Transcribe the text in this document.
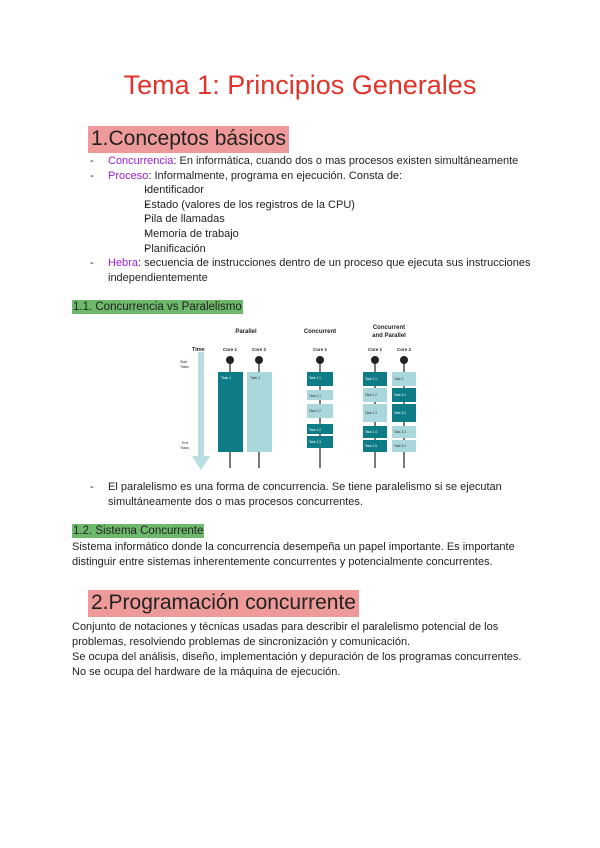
Tema 1: Principios Generales
1.Conceptos básicos
- Concurrencia: En informática, cuando dos o mas procesos existen simultáneamente
- Proceso: Informalmente, programa en ejecución. Consta de:
- Identificador
- Estado (valores de los registros de la CPU)
- Pila de llamadas
- Memoria de trabajo
- Planificación
- Hebra: secuencia de instrucciones dentro de un proceso que ejecuta sus instrucciones independientemente
1.1. Concurrencia vs Paralelismo
Time
Start
Tasks
End
Tasks
Parallel
Core 1	Core 2
Task 1	Task 2
Concurrent
Core 1
Task 1.1
Task 2.1
Task 2.2
Task 1.2
Task 1.3
Concurrent
and Parallel
Core 1	Core 2
Task 1.1
Task 1.2
Task 1.3
Task 1.4
Task 1.5
Task 2
Task 3.1
Task 3.2
Task 3.3
Task 3.4
- El paralelismo es una forma de concurrencia. Se tiene paralelismo si se ejecutan simultáneamente dos o mas procesos concurrentes.
1.2. Sistema Concurrente
Sistema informático donde la concurrencia desempeña un papel importante. Es importante distinguir entre sistemas inherentemente concurrentes y potencialmente concurrentes.
2.Programación concurrente
Conjunto de notaciones y técnicas usadas para describir el paralelismo potencial de los problemas, resolviendo problemas de sincronización y comunicación.
Se ocupa del análisis, diseño, implementación y depuración de los programas concurrentes.
No se ocupa del hardware de la máquina de ejecución.
